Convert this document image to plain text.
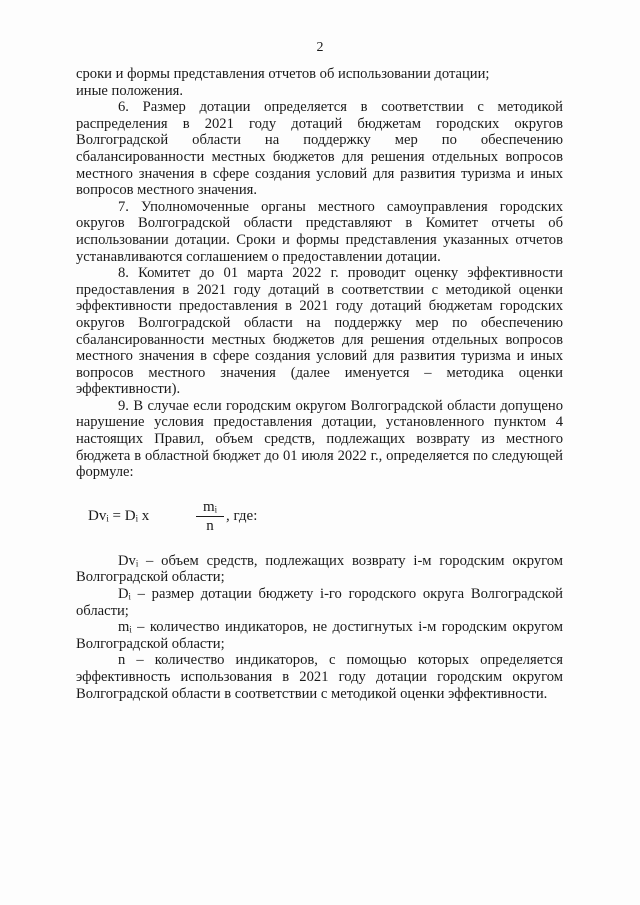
2

сроки и формы представления отчетов об использовании дотации;

иные положения.

6. Размер дотации определяется в соответствии с методикой распределения в 2021 году дотаций бюджетам городских округов Волгоградской области на поддержку мер по обеспечению сбалансированности местных бюджетов для решения отдельных вопросов местного значения в сфере создания условий для развития туризма и иных вопросов местного значения.

7. Уполномоченные органы местного самоуправления городских округов Волгоградской области представляют в Комитет отчеты об использовании дотации. Сроки и формы представления указанных отчетов устанавливаются соглашением о предоставлении дотации.

8. Комитет до 01 марта 2022 г. проводит оценку эффективности предоставления в 2021 году дотаций в соответствии с методикой оценки эффективности предоставления в 2021 году дотаций бюджетам городских округов Волгоградской области на поддержку мер по обеспечению сбалансированности местных бюджетов для решения отдельных вопросов местного значения в сфере создания условий для развития туризма и иных вопросов местного значения (далее именуется – методика оценки эффективности).

9. В случае если городским округом Волгоградской области допущено нарушение условия предоставления дотации, установленного пунктом 4 настоящих Правил, объем средств, подлежащих возврату из местного бюджета в областной бюджет до 01 июля 2022 г., определяется по следующей формуле:

Dvᵢ = Dᵢ x	$\frac{\text{mᵢ}}{n}$ , где:

Dvᵢ – объем средств, подлежащих возврату i-м городским округом Волгоградской области;

Dᵢ – размер дотации бюджету i-го городского округа Волгоградской области;

mᵢ – количество индикаторов, не достигнутых i-м городским округом Волгоградской области;

n – количество индикаторов, с помощью которых определяется эффективность использования в 2021 году дотации городским округом Волгоградской области в соответствии с методикой оценки эффективности.
